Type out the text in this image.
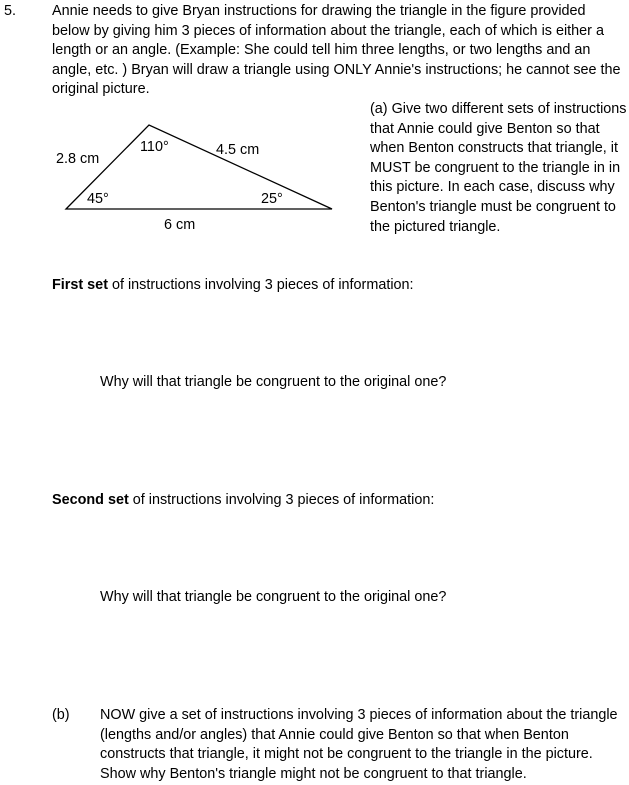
5. Annie needs to give Bryan instructions for drawing the triangle in the figure provided below by giving him 3 pieces of information about the triangle, each of which is either a length or an angle. (Example: She could tell him three lengths, or two lengths and an angle, etc. ) Bryan will draw a triangle using ONLY Annie's instructions; he cannot see the original picture.
2.8 cm
110°	4.5 cm
45°	25°
6 cm
(a) Give two different sets of instructions that Annie could give Benton so that when Benton constructs that triangle, it MUST be congruent to the triangle in in this picture. In each case, discuss why Benton's triangle must be congruent to the pictured triangle.
First set of instructions involving 3 pieces of information:
Why will that triangle be congruent to the original one?
Second set of instructions involving 3 pieces of information:
Why will that triangle be congruent to the original one?
(b) NOW give a set of instructions involving 3 pieces of information about the triangle (lengths and/or angles) that Annie could give Benton so that when Benton constructs that triangle, it might not be congruent to the triangle in the picture. Show why Benton's triangle might not be congruent to that triangle.
